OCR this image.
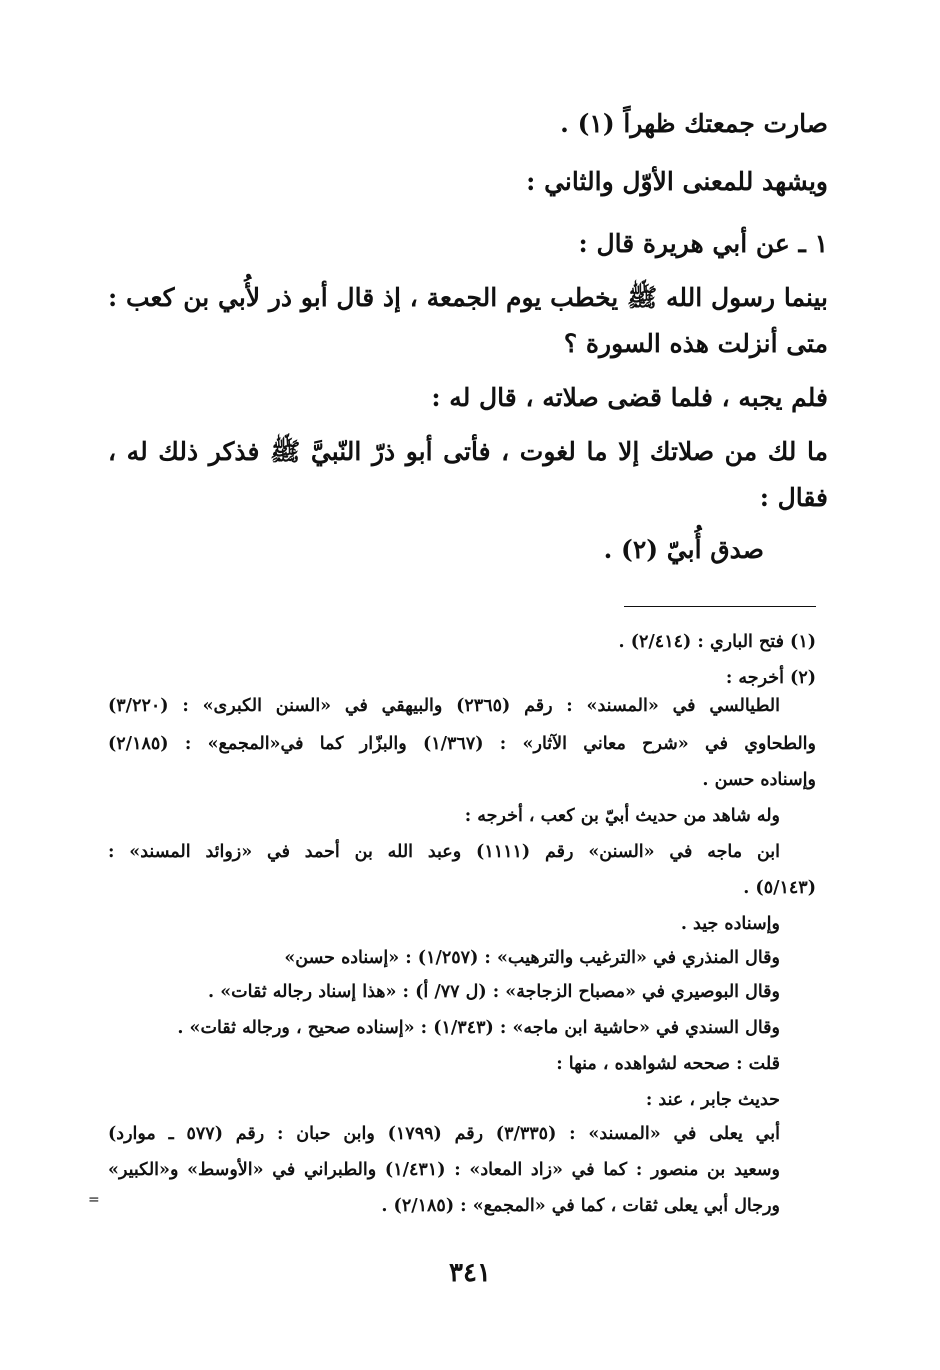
صارت جمعتك ظهراً (١) .
ويشهد للمعنى الأوّل والثاني :
١ ـ عن أبي هريرة قال :
بينما رسول الله ﷺ يخطب يوم الجمعة ، إذ قال أبو ذر لأُبي بن كعب :
متى أنزلت هذه السورة ؟
فلم يجبه ، فلما قضى صلاته ، قال له :
ما لك من صلاتك إلا ما لغوت ، فأتى أبو ذرّ النّبيَّ ﷺ فذكر ذلك له ،
فقال :
صدق أُبيّ (٢) .
(١) فتح الباري : (٢/٤١٤) .
(٢) أخرجه :
الطيالسي في «المسند» : رقم (٢٣٦٥) والبيهقي في «السنن الكبرى» : (٣/٢٢٠)
والطحاوي في «شرح معاني الآثار» : (١/٣٦٧) والبزّار كما في«المجمع» : (٢/١٨٥)
وإسناده حسن .
وله شاهد من حديث أبيّ بن كعب ، أخرجه :
ابن ماجه في «السنن» رقم (١١١١) وعبد الله بن أحمد في «زوائد المسند» :
(٥/١٤٣) .
وإسناده جيد .
وقال المنذري في «الترغيب والترهيب» : (١/٢٥٧) : «إسناده حسن»
وقال البوصيري في «مصباح الزجاجة» : (ل ٧٧/ أ) : «هذا إسناد رجاله ثقات» .
وقال السندي في «حاشية ابن ماجه» : (١/٣٤٣) : «إسناده صحيح ، ورجاله ثقات» .
قلت : صححه لشواهده ، منها :
حديث جابر ، عند :
أبي يعلى في «المسند» : (٣/٣٣٥) رقم (١٧٩٩) وابن حبان : رقم (٥٧٧ ـ موارد)
وسعيد بن منصور : كما في «زاد المعاد» : (١/٤٣١) والطبراني في «الأوسط» و«الكبير»
ورجال أبي يعلى ثقات ، كما في «المجمع» : (٢/١٨٥) .
=
٣٤١
